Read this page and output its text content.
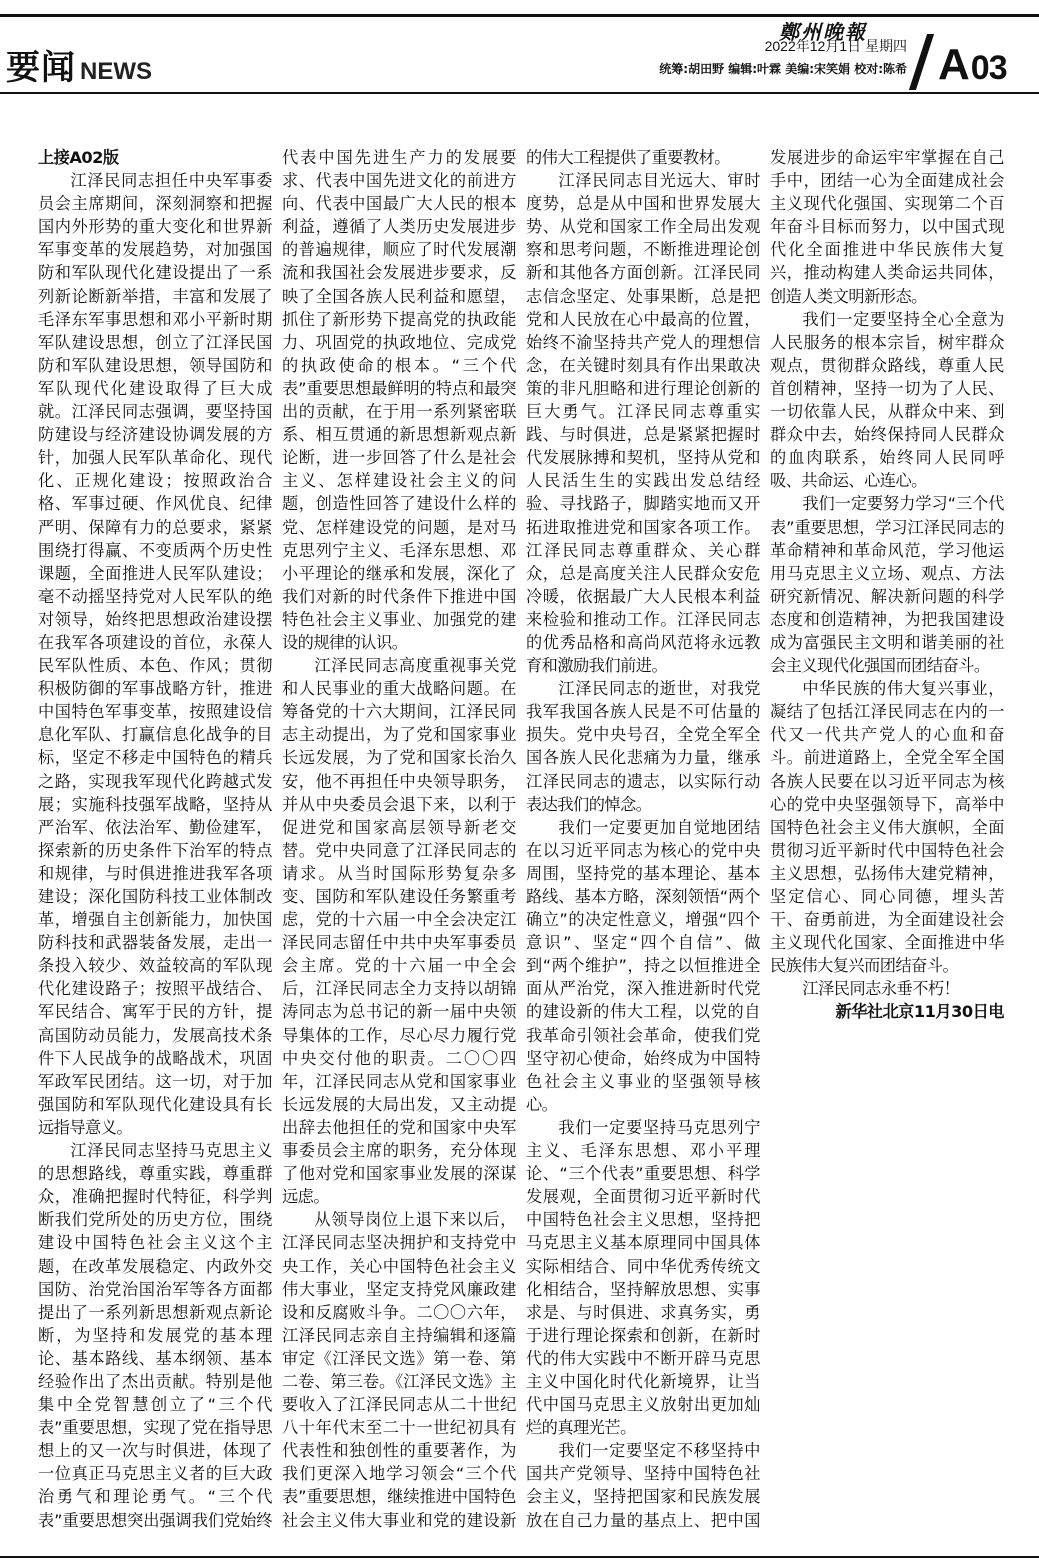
要闻 NEWS
鄭州晚報
2022年12月1日 星期四
统筹:胡田野 编辑:叶霖 美编:宋笑娟 校对:陈希 A03

上接A02版

江泽民同志担任中央军事委员会主席期间，深刻洞察和把握国内外形势的重大变化和世界新军事变革的发展趋势，对加强国防和军队现代化建设提出了一系列新论断新举措，丰富和发展了毛泽东军事思想和邓小平新时期军队建设思想，创立了江泽民国防和军队建设思想，领导国防和军队现代化建设取得了巨大成就。江泽民同志强调，要坚持国防建设与经济建设协调发展的方针，加强人民军队革命化、现代化、正规化建设；按照政治合格、军事过硬、作风优良、纪律严明、保障有力的总要求，紧紧围绕打得赢、不变质两个历史性课题，全面推进人民军队建设；毫不动摇坚持党对人民军队的绝对领导，始终把思想政治建设摆在我军各项建设的首位，永葆人民军队性质、本色、作风；贯彻积极防御的军事战略方针，推进中国特色军事变革，按照建设信息化军队、打赢信息化战争的目标，坚定不移走中国特色的精兵之路，实现我军现代化跨越式发展；实施科技强军战略，坚持从严治军、依法治军、勤俭建军，探索新的历史条件下治军的特点和规律，与时俱进推进我军各项建设；深化国防科技工业体制改革，增强自主创新能力，加快国防科技和武器装备发展，走出一条投入较少、效益较高的军队现代化建设路子；按照平战结合、军民结合、寓军于民的方针，提高国防动员能力，发展高技术条件下人民战争的战略战术，巩固军政军民团结。这一切，对于加强国防和军队现代化建设具有长远指导意义。

江泽民同志坚持马克思主义的思想路线，尊重实践，尊重群众，准确把握时代特征，科学判断我们党所处的历史方位，围绕建设中国特色社会主义这个主题，在改革发展稳定、内政外交国防、治党治国治军等各方面都提出了一系列新思想新观点新论断，为坚持和发展党的基本理论、基本路线、基本纲领、基本经验作出了杰出贡献。特别是他集中全党智慧创立了“三个代表”重要思想，实现了党在指导思想上的又一次与时俱进，体现了一位真正马克思主义者的巨大政治勇气和理论勇气。“三个代表”重要思想突出强调我们党始终

代表中国先进生产力的发展要求、代表中国先进文化的前进方向、代表中国最广大人民的根本利益，遵循了人类历史发展进步的普遍规律，顺应了时代发展潮流和我国社会发展进步要求，反映了全国各族人民利益和愿望，抓住了新形势下提高党的执政能力、巩固党的执政地位、完成党的执政使命的根本。“三个代表”重要思想最鲜明的特点和最突出的贡献，在于用一系列紧密联系、相互贯通的新思想新观点新论断，进一步回答了什么是社会主义、怎样建设社会主义的问题，创造性回答了建设什么样的党、怎样建设党的问题，是对马克思列宁主义、毛泽东思想、邓小平理论的继承和发展，深化了我们对新的时代条件下推进中国特色社会主义事业、加强党的建设的规律的认识。

江泽民同志高度重视事关党和人民事业的重大战略问题。在筹备党的十六大期间，江泽民同志主动提出，为了党和国家事业长远发展，为了党和国家长治久安，他不再担任中央领导职务，并从中央委员会退下来，以利于促进党和国家高层领导新老交替。党中央同意了江泽民同志的请求。从当时国际形势复杂多变、国防和军队建设任务繁重考虑，党的十六届一中全会决定江泽民同志留任中共中央军事委员会主席。党的十六届一中全会后，江泽民同志全力支持以胡锦涛同志为总书记的新一届中央领导集体的工作，尽心尽力履行党中央交付他的职责。二〇〇四年，江泽民同志从党和国家事业长远发展的大局出发，又主动提出辞去他担任的党和国家中央军事委员会主席的职务，充分体现了他对党和国家事业发展的深谋远虑。

从领导岗位上退下来以后，江泽民同志坚决拥护和支持党中央工作，关心中国特色社会主义伟大事业，坚定支持党风廉政建设和反腐败斗争。二〇〇六年，江泽民同志亲自主持编辑和逐篇审定《江泽民文选》第一卷、第二卷、第三卷。《江泽民文选》主要收入了江泽民同志从二十世纪八十年代末至二十一世纪初具有代表性和独创性的重要著作，为我们更深入地学习领会“三个代表”重要思想，继续推进中国特色社会主义伟大事业和党的建设新

的伟大工程提供了重要教材。

江泽民同志目光远大、审时度势，总是从中国和世界发展大势、从党和国家工作全局出发观察和思考问题，不断推进理论创新和其他各方面创新。江泽民同志信念坚定、处事果断，总是把党和人民放在心中最高的位置，始终不渝坚持共产党人的理想信念，在关键时刻具有作出果敢决策的非凡胆略和进行理论创新的巨大勇气。江泽民同志尊重实践、与时俱进，总是紧紧把握时代发展脉搏和契机，坚持从党和人民活生生的实践出发总结经验、寻找路子，脚踏实地而又开拓进取推进党和国家各项工作。江泽民同志尊重群众、关心群众，总是高度关注人民群众安危冷暖，依据最广大人民根本利益来检验和推动工作。江泽民同志的优秀品格和高尚风范将永远教育和激励我们前进。

江泽民同志的逝世，对我党我军我国各族人民是不可估量的损失。党中央号召，全党全军全国各族人民化悲痛为力量，继承江泽民同志的遗志，以实际行动表达我们的悼念。

我们一定要更加自觉地团结在以习近平同志为核心的党中央周围，坚持党的基本理论、基本路线、基本方略，深刻领悟“两个确立”的决定性意义，增强“四个意识”、坚定“四个自信”、做到“两个维护”，持之以恒推进全面从严治党，深入推进新时代党的建设新的伟大工程，以党的自我革命引领社会革命，使我们党坚守初心使命，始终成为中国特色社会主义事业的坚强领导核心。

我们一定要坚持马克思列宁主义、毛泽东思想、邓小平理论、“三个代表”重要思想、科学发展观，全面贯彻习近平新时代中国特色社会主义思想，坚持把马克思主义基本原理同中国具体实际相结合、同中华优秀传统文化相结合，坚持解放思想、实事求是、与时俱进、求真务实，勇于进行理论探索和创新，在新时代的伟大实践中不断开辟马克思主义中国化时代化新境界，让当代中国马克思主义放射出更加灿烂的真理光芒。

我们一定要坚定不移坚持中国共产党领导、坚持中国特色社会主义，坚持把国家和民族发展放在自己力量的基点上、把中国

发展进步的命运牢牢掌握在自己手中，团结一心为全面建成社会主义现代化强国、实现第二个百年奋斗目标而努力，以中国式现代化全面推进中华民族伟大复兴，推动构建人类命运共同体，创造人类文明新形态。

我们一定要坚持全心全意为人民服务的根本宗旨，树牢群众观点，贯彻群众路线，尊重人民首创精神，坚持一切为了人民、一切依靠人民，从群众中来、到群众中去，始终保持同人民群众的血肉联系，始终同人民同呼吸、共命运、心连心。

我们一定要努力学习“三个代表”重要思想，学习江泽民同志的革命精神和革命风范，学习他运用马克思主义立场、观点、方法研究新情况、解决新问题的科学态度和创造精神，为把我国建设成为富强民主文明和谐美丽的社会主义现代化强国而团结奋斗。

中华民族的伟大复兴事业，凝结了包括江泽民同志在内的一代又一代共产党人的心血和奋斗。前进道路上，全党全军全国各族人民要在以习近平同志为核心的党中央坚强领导下，高举中国特色社会主义伟大旗帜，全面贯彻习近平新时代中国特色社会主义思想，弘扬伟大建党精神，坚定信心、同心同德，埋头苦干、奋勇前进，为全面建设社会主义现代化国家、全面推进中华民族伟大复兴而团结奋斗。

江泽民同志永垂不朽！

新华社北京11月30日电
